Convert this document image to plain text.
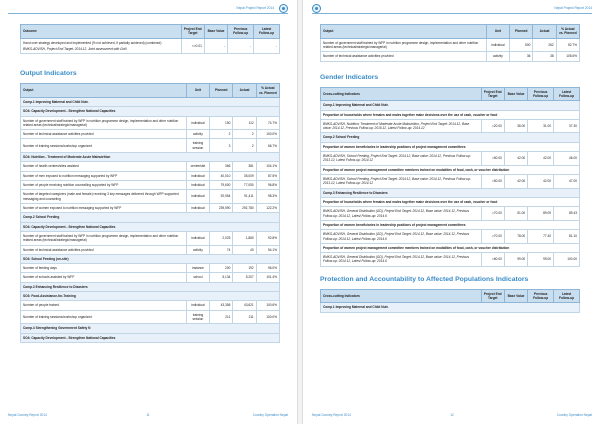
Nepal Project Report 2014
Outcome	Project End Target	Base Value	Previous Follow-up	Latest Follow-up

Hand over strategy developed and implemented (% not achieved, if partially achieved) (combined)
BMKS-ADVISH, Project End Target: 2014.12, Joint assessment with GoN	<=0.01	-	-	-
Output Indicators
Output	Unit	Planned	Actual	% Actual vs. Planned
Comp.1 Improving Maternal and Child Nutr.				
SO4: Capacity Development - Strengthen National Capacities				
Number of government staff trained by WFP in nutrition programme design, implementation and other nutrition related areas (technical/strategic/managerial)	individual	150	112	74.7%
Number of technical assistance activities provided	activity	2	2	100.0%
Number of training sessions/workshop organized	training session	3	2	66.7%
SO4: Nutrition - Treatment of Moderate Acute Malnutrition				
Number of health centres/sites assisted	centre/site	366	381	104.1%
Number of men exposed to nutrition messaging supported by WFP	individual	40,010	35,009	87.5%
Number of people receiving nutrition counselling supported by WFP	individual	79,600	77,050	96.8%
Number of targeted caregivers (male and female) receiving 3 key messages delivered through WFP supported messaging and counseling	individual	92,954	91,411	98.3%
Number of women exposed to nutrition messaging supported by WFP	individual	239,590	292,780	122.2%
Comp.2 School Feeding				
SO4: Capacity Development - Strengthen National Capacities				
Number of government staff trained by WFP in nutrition programme design, implementation and other nutrition related areas (technical/strategic/managerial)	individual	2,025	1,880	92.8%
Number of technical assistance activities provided	activity	74	40	54.1%
SO4: School Feeding (on-site)				
Number of feeding days	instance	200	192	96.0%
Number of schools assisted by WFP	school	5,134	5,207	101.4%
Comp.3 Enhancing Resilience to Disasters				
SO3: Food-Assistance-for-Training				
Number of people trained	individual	43,356	43,621	100.6%
Number of training sessions/workshop organized	training session	211	211	100.0%
Comp.4 Strengthening Government Safety N				
SO4: Capacity Development - Strengthen National Capacities				
Nepal Country Report 2014	11	Country Operation Nepal
Nepal Project Report 2014
Output	Unit	Planned	Actual	% Actual vs. Planned
Number of government staff trained by WFP in nutrition programme design, implementation and other nutrition related areas (technical/strategic/managerial)	individual	500	262	52.7%
Number of technical assistance activities provided	activity	36	38	105.6%
Gender Indicators
Cross-cutting Indicators	Project End Target	Base Value	Previous Follow-up	Latest Follow-up
Comp.1 Improving Maternal and Child Nutr.				
Proportion of households where females and males together make decisions over the use of cash, voucher or food				
BMKS-ADVISH, Nutrition: Treatment of Moderate Acute Malnutrition, Project End Target: 2014.12, Base value: 2014.12, Previous Follow-up: 2015.12, Latest Follow-up: 2014.12	=20.00	36.00	31.00	37.30
Comp.2 School Feeding				
Proportion of women beneficiaries in leadership positions of project management committees				
BMKS-ADVISH, School Feeding, Project End Target: 2014.12, Base value: 2014.12, Previous Follow-up: 2013.12, Latest Follow-up: 2014.12	=50.00	42.00	42.00	46.00
Proportion of women project management committee members trained on modalities of food, cash, or voucher distribution				
BMKS-ADVISH, School Feeding, Project End Target: 2014.12, Base value: 2014.12, Previous Follow-up: 2013.12, Latest Follow-up: 2014.12	=50.00	42.00	42.00	47.00
Comp.3 Enhancing Resilience to Disasters				
Proportion of households where females and males together make decisions over the use of cash, voucher or food				
BMKS-ADVISH, General Distribution (GD), Project End Target: 2014.12, Base value: 2014.12, Previous Follow-up: 2014.12, Latest Follow-up: 2014.6	=70.00	51.00	89.09	89.43
Proportion of women beneficiaries in leadership positions of project management committees				
BMKS-ADVISH, General Distribution (GD), Project End Target: 2014.12, Base value: 2014.12, Previous Follow-up: 2014.12, Latest Follow-up: 2014.6	=70.00	78.00	77.40	81.10
Proportion of women project management committee members trained on modalities of food, cash, or voucher distribution				
BMKS-ADVISH, General Distribution (GD), Project End Target: 2014.12, Base value: 2014.12, Previous Follow-up: 2014.12, Latest Follow-up: 2014.6	=60.00	99.00	99.00	100.00
Protection and Accountability to Affected Populations Indicators
Cross-cutting Indicators	Project End Target	Base Value	Previous Follow-up	Latest Follow-up
Comp.1 Improving Maternal and Child Nutr.
Nepal Country Report 2014	12	Country Operation Nepal
